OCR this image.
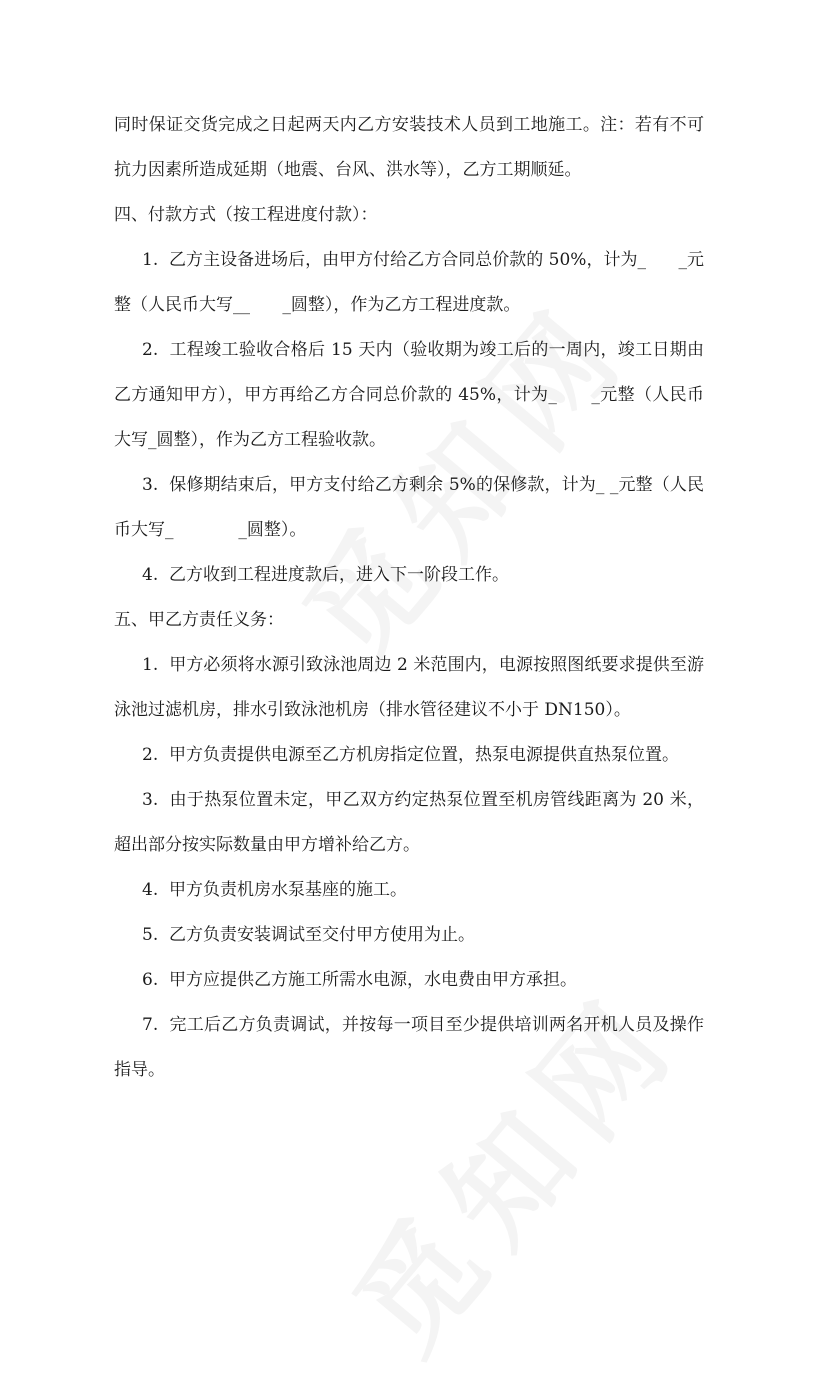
同时保证交货完成之日起两天内乙方安装技术人员到工地施工。注：若有不可抗力因素所造成延期（地震、台风、洪水等），乙方工期顺延。

四、付款方式（按工程进度付款）：

1.  乙方主设备进场后，由甲方付给乙方合同总价款的 50%，计为_      _元整（人民币大写__      _圆整），作为乙方工程进度款。

2.  工程竣工验收合格后 15 天内（验收期为竣工后的一周内，竣工日期由乙方通知甲方），甲方再给乙方合同总价款的 45%，计为_      _元整（人民币大写_圆整），作为乙方工程验收款。

3.  保修期结束后，甲方支付给乙方剩余 5%的保修款，计为_ _元整（人民币大写_            _圆整）。

4.  乙方收到工程进度款后，进入下一阶段工作。

五、甲乙方责任义务：

1.  甲方必须将水源引致泳池周边 2 米范围内，电源按照图纸要求提供至游泳池过滤机房，排水引致泳池机房（排水管径建议不小于 DN150）。

2.  甲方负责提供电源至乙方机房指定位置，热泵电源提供直热泵位置。

3.  由于热泵位置未定，甲乙双方约定热泵位置至机房管线距离为 20 米，超出部分按实际数量由甲方增补给乙方。

4.  甲方负责机房水泵基座的施工。

5.  乙方负责安装调试至交付甲方使用为止。

6.  甲方应提供乙方施工所需水电源，水电费由甲方承担。

7.  完工后乙方负责调试，并按每一项目至少提供培训两名开机人员及操作指导。
